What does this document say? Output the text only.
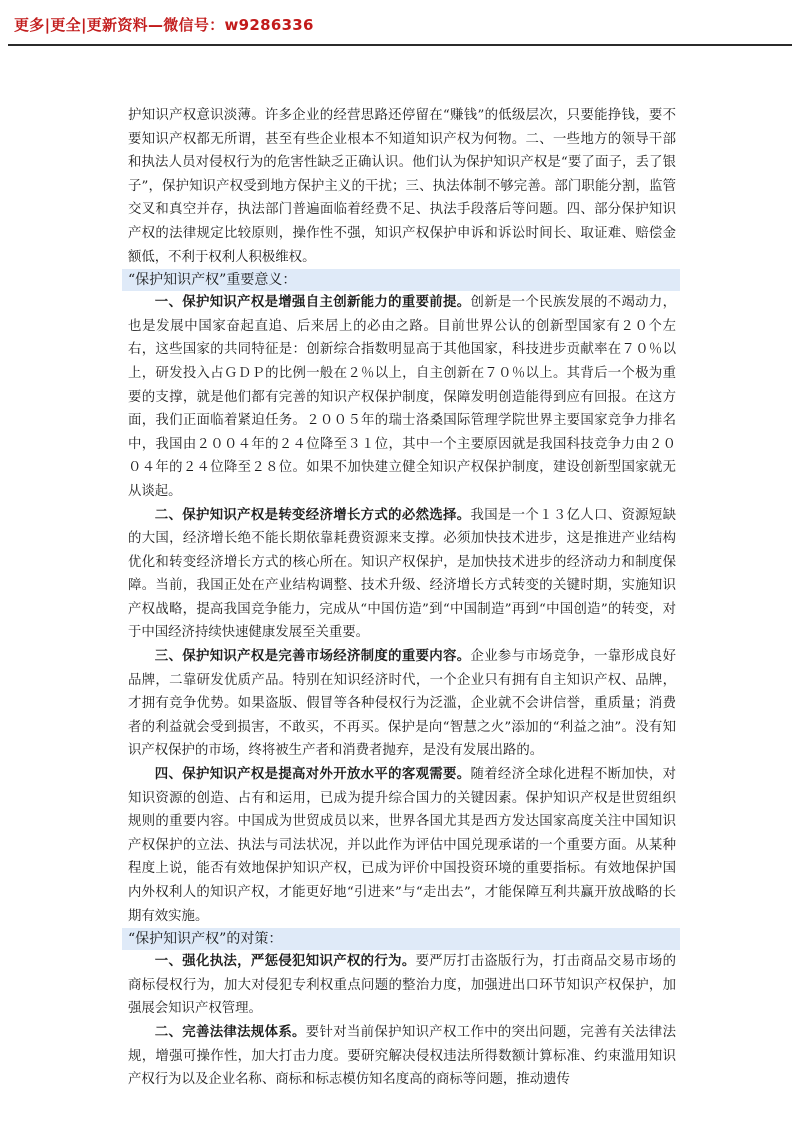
更多|更全|更新资料—微信号：w9286336

护知识产权意识淡薄。许多企业的经营思路还停留在“赚钱”的低级层次，只要能挣钱，要不要知识产权都无所谓，甚至有些企业根本不知道知识产权为何物。二、一些地方的领导干部和执法人员对侵权行为的危害性缺乏正确认识。他们认为保护知识产权是“要了面子，丢了银子”，保护知识产权受到地方保护主义的干扰；三、执法体制不够完善。部门职能分割，监管交叉和真空并存，执法部门普遍面临着经费不足、执法手段落后等问题。四、部分保护知识产权的法律规定比较原则，操作性不强，知识产权保护申诉和诉讼时间长、取证难、赔偿金额低，不利于权利人积极维权。

“保护知识产权”重要意义：

一、保护知识产权是增强自主创新能力的重要前提。创新是一个民族发展的不竭动力，也是发展中国家奋起直追、后来居上的必由之路。目前世界公认的创新型国家有２０个左右，这些国家的共同特征是：创新综合指数明显高于其他国家，科技进步贡献率在７０％以上，研发投入占ＧＤＰ的比例一般在２％以上，自主创新在７０％以上。其背后一个极为重要的支撑，就是他们都有完善的知识产权保护制度，保障发明创造能得到应有回报。在这方面，我们正面临着紧迫任务。２００５年的瑞士洛桑国际管理学院世界主要国家竞争力排名中，我国由２００４年的２４位降至３１位，其中一个主要原因就是我国科技竞争力由２００４年的２４位降至２８位。如果不加快建立健全知识产权保护制度，建设创新型国家就无从谈起。

二、保护知识产权是转变经济增长方式的必然选择。我国是一个１３亿人口、资源短缺的大国，经济增长绝不能长期依靠耗费资源来支撑。必须加快技术进步，这是推进产业结构优化和转变经济增长方式的核心所在。知识产权保护，是加快技术进步的经济动力和制度保障。当前，我国正处在产业结构调整、技术升级、经济增长方式转变的关键时期，实施知识产权战略，提高我国竞争能力，完成从“中国仿造”到“中国制造”再到“中国创造”的转变，对于中国经济持续快速健康发展至关重要。

三、保护知识产权是完善市场经济制度的重要内容。企业参与市场竞争，一靠形成良好品牌，二靠研发优质产品。特别在知识经济时代，一个企业只有拥有自主知识产权、品牌，才拥有竞争优势。如果盗版、假冒等各种侵权行为泛滥，企业就不会讲信誉，重质量；消费者的利益就会受到损害，不敢买，不再买。保护是向“智慧之火”添加的“利益之油”。没有知识产权保护的市场，终将被生产者和消费者抛弃，是没有发展出路的。

四、保护知识产权是提高对外开放水平的客观需要。随着经济全球化进程不断加快，对知识资源的创造、占有和运用，已成为提升综合国力的关键因素。保护知识产权是世贸组织规则的重要内容。中国成为世贸成员以来，世界各国尤其是西方发达国家高度关注中国知识产权保护的立法、执法与司法状况，并以此作为评估中国兑现承诺的一个重要方面。从某种程度上说，能否有效地保护知识产权，已成为评价中国投资环境的重要指标。有效地保护国内外权利人的知识产权，才能更好地“引进来”与“走出去”，才能保障互利共赢开放战略的长期有效实施。

“保护知识产权”的对策：

一、强化执法，严惩侵犯知识产权的行为。要严厉打击盗版行为，打击商品交易市场的商标侵权行为，加大对侵犯专利权重点问题的整治力度，加强进出口环节知识产权保护，加强展会知识产权管理。

二、完善法律法规体系。要针对当前保护知识产权工作中的突出问题，完善有关法律法规，增强可操作性，加大打击力度。要研究解决侵权违法所得数额计算标准、约束滥用知识产权行为以及企业名称、商标和标志模仿知名度高的商标等问题，推动遗传
